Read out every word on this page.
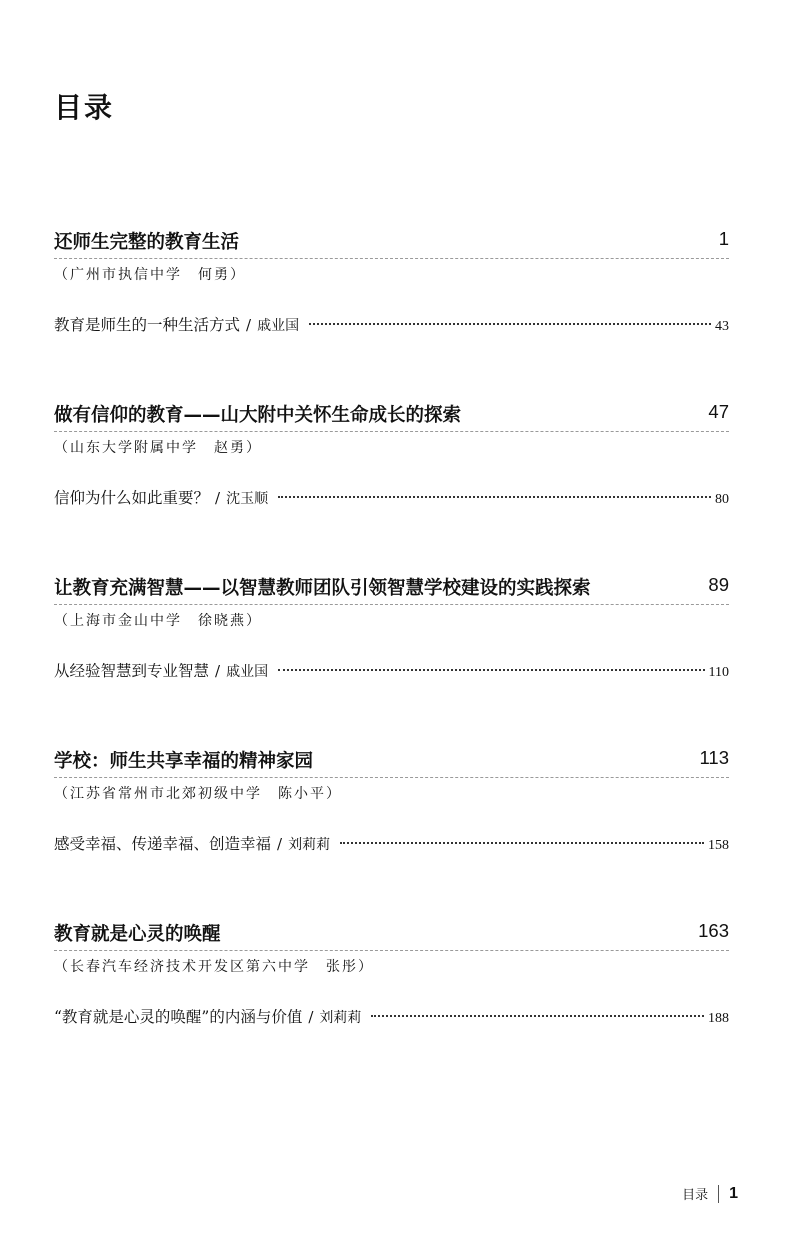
目录
还师生完整的教育生活	1
（广州市执信中学　何勇）
教育是师生的一种生活方式 / 戚业国	43
做有信仰的教育——山大附中关怀生命成长的探索	47
（山东大学附属中学　赵勇）
信仰为什么如此重要？ / 沈玉顺	80
让教育充满智慧——以智慧教师团队引领智慧学校建设的实践探索	89
（上海市金山中学　徐晓燕）
从经验智慧到专业智慧 / 戚业国	110
学校：师生共享幸福的精神家园	113
（江苏省常州市北郊初级中学　陈小平）
感受幸福、传递幸福、创造幸福 / 刘莉莉	158
教育就是心灵的唤醒	163
（长春汽车经济技术开发区第六中学　张彤）
“教育就是心灵的唤醒”的内涵与价值 / 刘莉莉	188
目录 1
